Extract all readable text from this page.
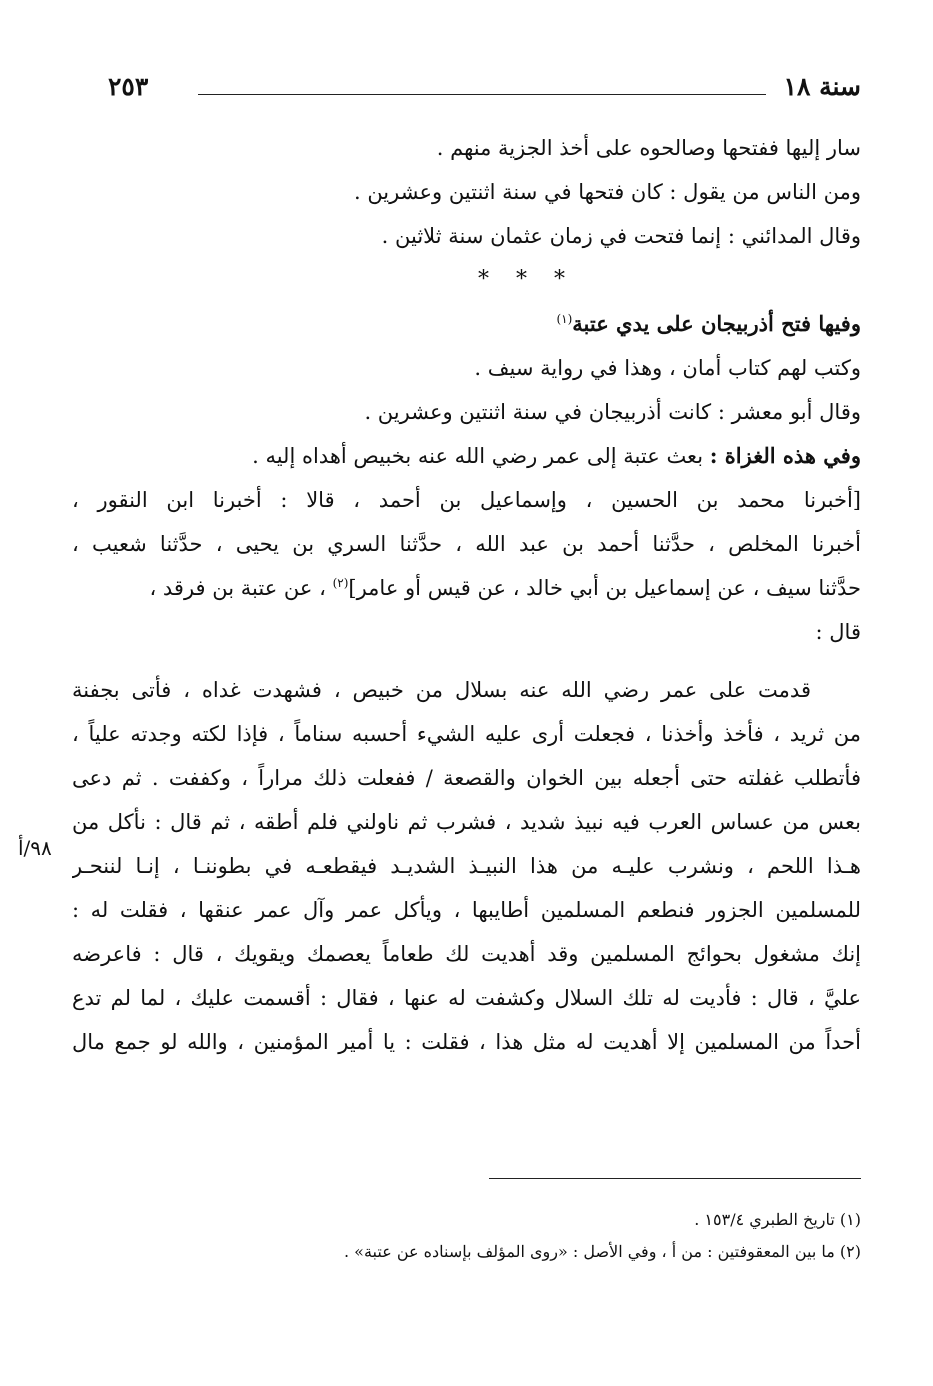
سنة ١٨
٢٥٣
سار إليها ففتحها وصالحوه على أخذ الجزية منهم .
ومن الناس من يقول : كان فتحها في سنة اثنتين وعشرين .
وقال المدائني : إنما فتحت في زمان عثمان سنة ثلاثين .
* * *
وفيها فتح أذربيجان على يدي عتبة$^{(١)}$
وكتب لهم كتاب أمان ، وهذا في رواية سيف .
وقال أبو معشر : كانت أذربيجان في سنة اثنتين وعشرين .
وفي هذه الغزاة : بعث عتبة إلى عمر رضي الله عنه بخبيص أهداه إليه .
[أخبرنا محمد بن الحسين ، وإسماعيل بن أحمد ، قالا : أخبرنا ابن النقور ،
أخبرنا المخلص ، حدَّثنا أحمد بن عبد الله ، حدَّثنا السري بن يحيى ، حدَّثنا شعيب ،
حدَّثنا سيف ، عن إسماعيل بن أبي خالد ، عن قيس أو عامر]$^{(٢)}$ ، عن عتبة بن فرقد ،
قال :
قدمت على عمر رضي الله عنه بسلال من خبيص ، فشهدت غداه ، فأتى بجفنة
من ثريد ، فأخذ وأخذنا ، فجعلت أرى عليه الشيء أحسبه سناماً ، فإذا لكته وجدته علياً ،
فأتطلب غفلته حتى أجعله بين الخوان والقصعة / ففعلت ذلك مراراً ، وكففت . ثم دعى
بعس من عساس العرب فيه نبيذ شديد ، فشرب ثم ناولني فلم أطقه ، ثم قال : نأكل من
هـذا اللحم ، ونشرب عليـه من هذا النبيـذ الشديـد فيقطعـه في بطوننـا ، إنـا لننحـر
للمسلمين الجزور فنطعم المسلمين أطايبها ، ويأكل عمر وآل عمر عنقها ، فقلت له :
إنك مشغول بحوائج المسلمين وقد أهديت لك طعاماً يعصمك ويقويك ، قال : فاعرضه
عليَّ ، قال : فأديت له تلك السلال وكشفت له عنها ، فقال : أقسمت عليك ، لما لم تدع
أحداً من المسلمين إلا أهديت له مثل هذا ، فقلت : يا أمير المؤمنين ، والله لو جمع مال
٩٨/أ
(١) تاريخ الطبري ١٥٣/٤ .
(٢) ما بين المعقوفتين : من أ ، وفي الأصل : «روى المؤلف بإسناده عن عتبة» .
